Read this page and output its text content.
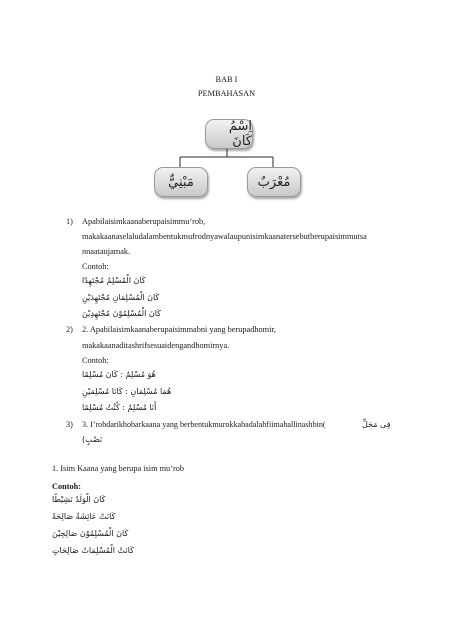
BAB I
PEMBAHASAN
اِسْمُ كَانَ
مَبْنِيٌّ	مُعْرَبٌ
1) Apabilaisimkaanaberupaisimmu’rob,
makakaanaselaludalambentukmufrodnyawalaupunisimkaanatersebutberupaisimmutsa
nnaataujamak.
Contoh:
كَانَ الْمُسْلِمُ مُجْتَهِدًا
كَانَ الْمُسْلِمَانِ مُجْتَهِدَيْنِ
كَانَ الْمُسْلِمُوْنَ مُجْتَهِدِيْنَ
2) 2. Apabilaisimkaanaberupaisimmabni yang berupadhomir,
makakaanaditashrifsesuaidengandhomirnya.
Contoh:
هُوَ مُسْلِمٌ : كَانَ مُسْلِمًا
هُمَا مُسْلِمَانِ : كَانَا مُسْلِمَيْنِ
أَنَا مُسْلِمٌ : كُنْتُ مُسْلِمًا
3) 3. I’robdarikhobarkaana yang berbentukmurokkabadalahfiimahallinashbin(	فِى مَحَلِّ
نَصْبٍ)
1. Isim Kaana yang berupa isim mu’rob
Contoh:
كَانَ الْوَلَدُ نَشِيْطًا
كَانَتْ عَائِشَةُ صَالِحَةً
كَانَ الْمُسْلِمُوْنَ صَالِحِيْنَ
كَانَتْ الْمُسْلِمَاتُ صَالِحَاتٍ
